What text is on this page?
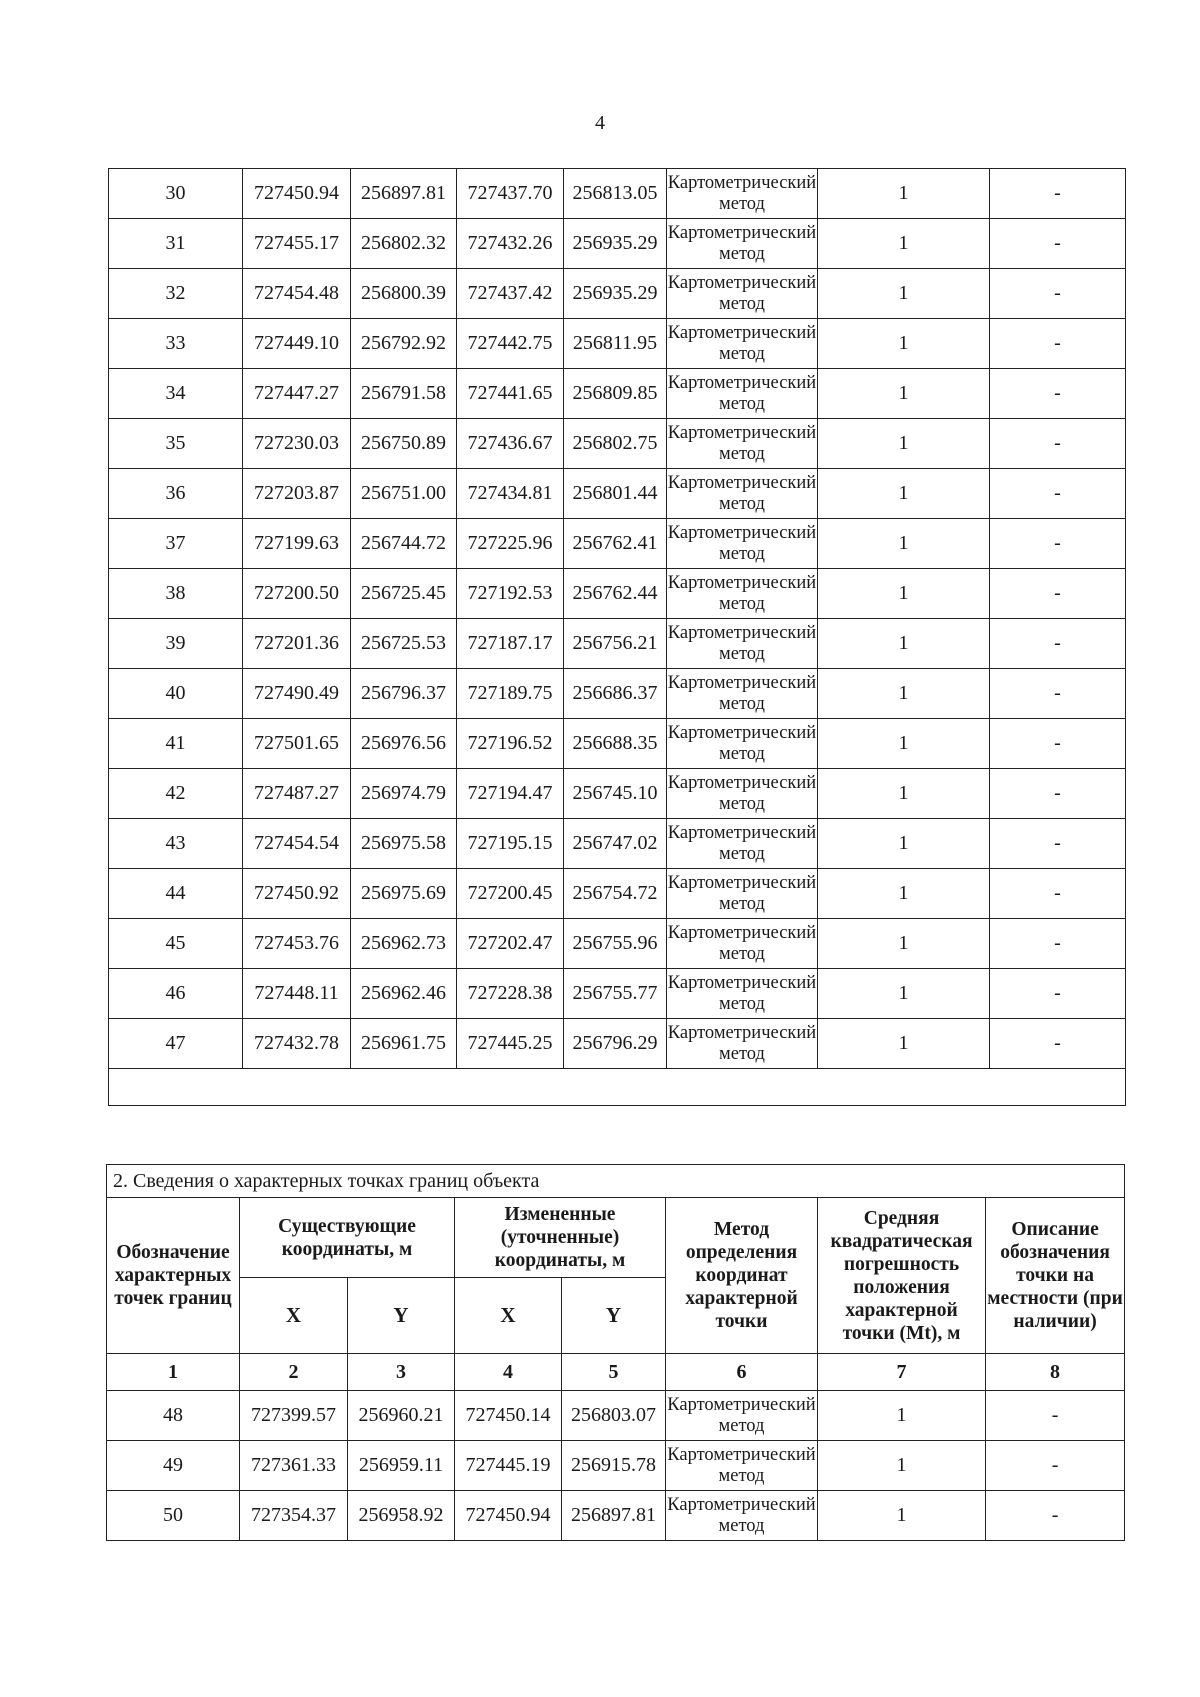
4
30	727450.94	256897.81	727437.70	256813.05	Картометрический метод	1	-
31	727455.17	256802.32	727432.26	256935.29	Картометрический метод	1	-
32	727454.48	256800.39	727437.42	256935.29	Картометрический метод	1	-
33	727449.10	256792.92	727442.75	256811.95	Картометрический метод	1	-
34	727447.27	256791.58	727441.65	256809.85	Картометрический метод	1	-
35	727230.03	256750.89	727436.67	256802.75	Картометрический метод	1	-
36	727203.87	256751.00	727434.81	256801.44	Картометрический метод	1	-
37	727199.63	256744.72	727225.96	256762.41	Картометрический метод	1	-
38	727200.50	256725.45	727192.53	256762.44	Картометрический метод	1	-
39	727201.36	256725.53	727187.17	256756.21	Картометрический метод	1	-
40	727490.49	256796.37	727189.75	256686.37	Картометрический метод	1	-
41	727501.65	256976.56	727196.52	256688.35	Картометрический метод	1	-
42	727487.27	256974.79	727194.47	256745.10	Картометрический метод	1	-
43	727454.54	256975.58	727195.15	256747.02	Картометрический метод	1	-
44	727450.92	256975.69	727200.45	256754.72	Картометрический метод	1	-
45	727453.76	256962.73	727202.47	256755.96	Картометрический метод	1	-
46	727448.11	256962.46	727228.38	256755.77	Картометрический метод	1	-
47	727432.78	256961.75	727445.25	256796.29	Картометрический метод	1	-

2. Сведения о характерных точках границ объекта							
Обозначение характерных точек границ	Существующие координаты, м		Измененные (уточненные) координаты, м		Метод определения координат характерной точки	Средняя квадратическая погрешность положения характерной точки (Mt), м	Описание обозначения точки на местности (при наличии)
	X	Y	X	Y			
1	2	3	4	5	6	7	8
48	727399.57	256960.21	727450.14	256803.07	Картометрический метод	1	-
49	727361.33	256959.11	727445.19	256915.78	Картометрический метод	1	-
50	727354.37	256958.92	727450.94	256897.81	Картометрический метод	1	-
